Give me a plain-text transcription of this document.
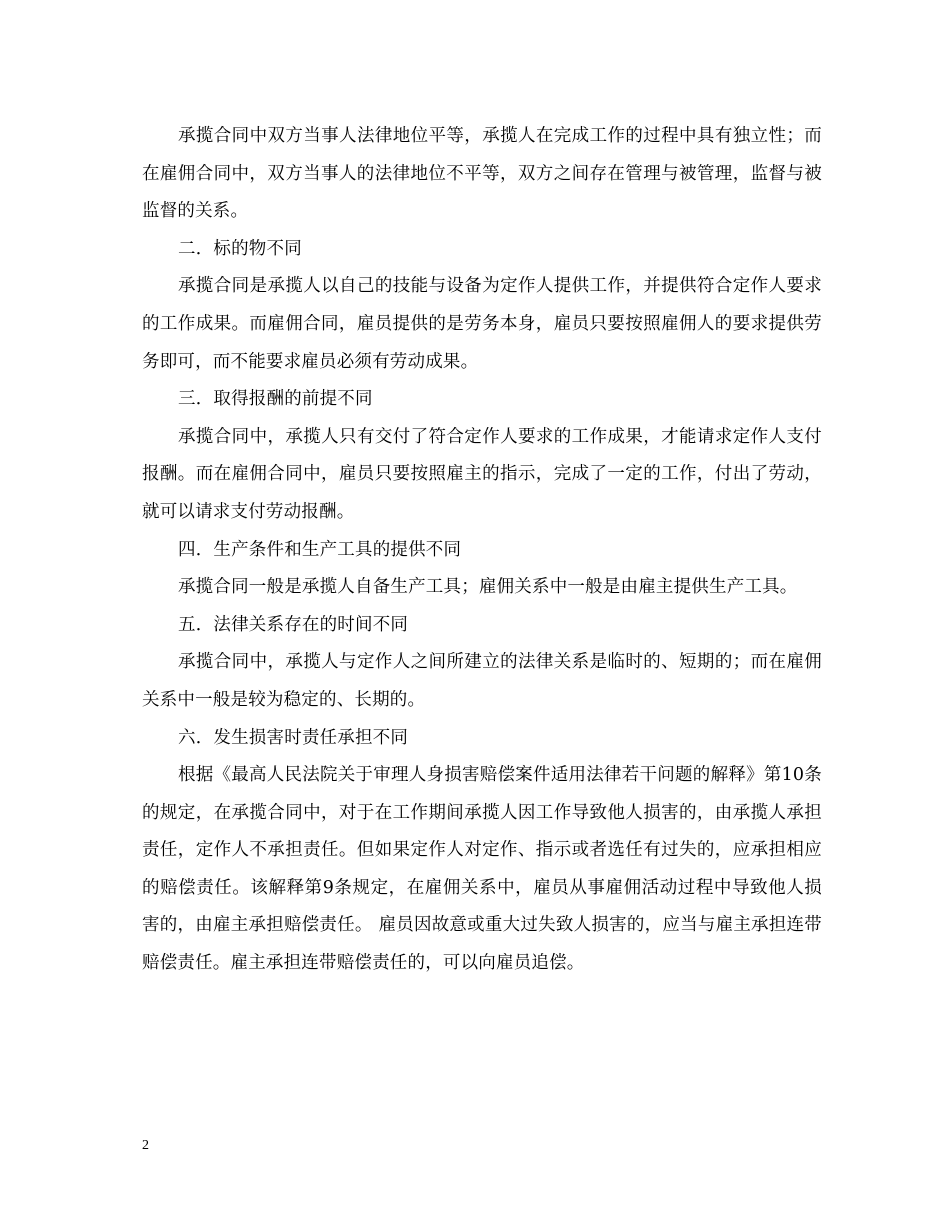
承揽合同中双方当事人法律地位平等，承揽人在完成工作的过程中具有独立性；而在雇佣合同中，双方当事人的法律地位不平等，双方之间存在管理与被管理，监督与被监督的关系。

二．标的物不同

承揽合同是承揽人以自己的技能与设备为定作人提供工作，并提供符合定作人要求的工作成果。而雇佣合同，雇员提供的是劳务本身，雇员只要按照雇佣人的要求提供劳务即可，而不能要求雇员必须有劳动成果。

三．取得报酬的前提不同

承揽合同中，承揽人只有交付了符合定作人要求的工作成果，才能请求定作人支付报酬。而在雇佣合同中，雇员只要按照雇主的指示，完成了一定的工作，付出了劳动，就可以请求支付劳动报酬。

四．生产条件和生产工具的提供不同

承揽合同一般是承揽人自备生产工具；雇佣关系中一般是由雇主提供生产工具。

五．法律关系存在的时间不同

承揽合同中，承揽人与定作人之间所建立的法律关系是临时的、短期的；而在雇佣关系中一般是较为稳定的、长期的。

六．发生损害时责任承担不同

根据《最高人民法院关于审理人身损害赔偿案件适用法律若干问题的解释》第10条的规定，在承揽合同中，对于在工作期间承揽人因工作导致他人损害的，由承揽人承担责任，定作人不承担责任。但如果定作人对定作、指示或者选任有过失的，应承担相应的赔偿责任。该解释第9条规定，在雇佣关系中，雇员从事雇佣活动过程中导致他人损害的，由雇主承担赔偿责任。 雇员因故意或重大过失致人损害的，应当与雇主承担连带赔偿责任。雇主承担连带赔偿责任的，可以向雇员追偿。

2
